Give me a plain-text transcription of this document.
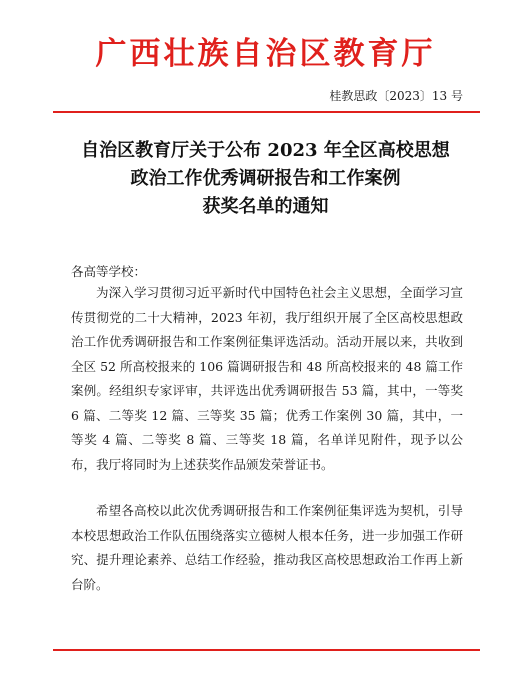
广西壮族自治区教育厅
桂教思政〔2023〕13 号
自治区教育厅关于公布 2023 年全区高校思想
政治工作优秀调研报告和工作案例
获奖名单的通知
各高等学校：

为深入学习贯彻习近平新时代中国特色社会主义思想，全面学习宣传贯彻党的二十大精神，2023 年初，我厅组织开展了全区高校思想政治工作优秀调研报告和工作案例征集评选活动。活动开展以来，共收到全区 52 所高校报来的 106 篇调研报告和 48 所高校报来的 48 篇工作案例。经组织专家评审，共评选出优秀调研报告 53 篇，其中，一等奖 6 篇、二等奖 12 篇、三等奖 35 篇；优秀工作案例 30 篇，其中，一等奖 4 篇、二等奖 8 篇、三等奖 18 篇，名单详见附件，现予以公布，我厅将同时为上述获奖作品颁发荣誉证书。

希望各高校以此次优秀调研报告和工作案例征集评选为契机，引导本校思想政治工作队伍围绕落实立德树人根本任务，进一步加强工作研究、提升理论素养、总结工作经验，推动我区高校思想政治工作再上新台阶。
